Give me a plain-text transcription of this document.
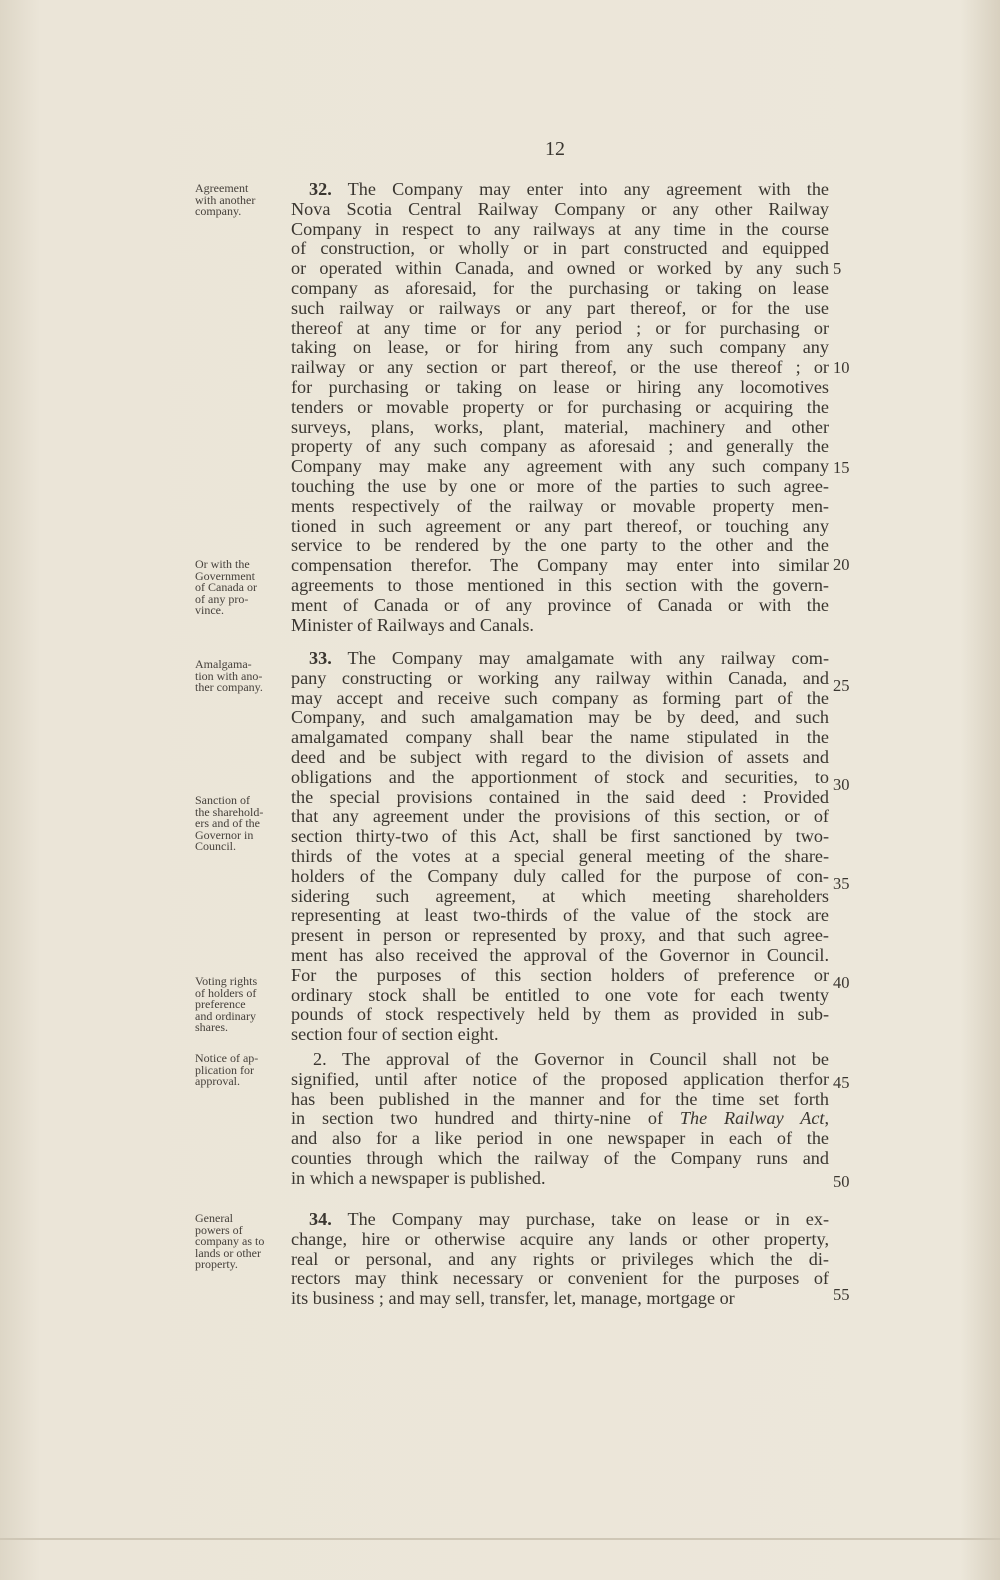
12
32. The Company may enter into any agreement with the
Nova Scotia Central Railway Company or any other Railway
Company in respect to any railways at any time in the course
of construction, or wholly or in part constructed and equipped
or operated within Canada, and owned or worked by any such
company as aforesaid, for the purchasing or taking on lease
such railway or railways or any part thereof, or for the use
thereof at any time or for any period ; or for purchasing or
taking on lease, or for hiring from any such company any
railway or any section or part thereof, or the use thereof ; or
for purchasing or taking on lease or hiring any locomotives
tenders or movable property or for purchasing or acquiring the
surveys, plans, works, plant, material, machinery and other
property of any such company as aforesaid ; and generally the
Company may make any agreement with any such company
touching the use by one or more of the parties to such agree-
ments respectively of the railway or movable property men-
tioned in such agreement or any part thereof, or touching any
service to be rendered by the one party to the other and the
compensation therefor. The Company may enter into similar
agreements to those mentioned in this section with the govern-
ment of Canada or of any province of Canada or with the
Minister of Railways and Canals.
33. The Company may amalgamate with any railway com-
pany constructing or working any railway within Canada, and
may accept and receive such company as forming part of the
Company, and such amalgamation may be by deed, and such
amalgamated company shall bear the name stipulated in the
deed and be subject with regard to the division of assets and
obligations and the apportionment of stock and securities, to
the special provisions contained in the said deed : Provided
that any agreement under the provisions of this section, or of
section thirty-two of this Act, shall be first sanctioned by two-
thirds of the votes at a special general meeting of the share-
holders of the Company duly called for the purpose of con-
sidering such agreement, at which meeting shareholders
representing at least two-thirds of the value of the stock are
present in person or represented by proxy, and that such agree-
ment has also received the approval of the Governor in Council.
For the purposes of this section holders of preference or
ordinary stock shall be entitled to one vote for each twenty
pounds of stock respectively held by them as provided in sub-
section four of section eight.
2. The approval of the Governor in Council shall not be
signified, until after notice of the proposed application therfor
has been published in the manner and for the time set forth
in section two hundred and thirty-nine of The Railway Act,
and also for a like period in one newspaper in each of the
counties through which the railway of the Company runs and
in which a newspaper is published.
34. The Company may purchase, take on lease or in ex-
change, hire or otherwise acquire any lands or other property,
real or personal, and any rights or privileges which the di-
rectors may think necessary or convenient for the purposes of
its business ; and may sell, transfer, let, manage, mortgage or
5
10
15
20
25
30
35
40
45
50
55
Agreement
with another
company.
Or with the
Government
of Canada or
of any pro-
vince.
Amalgama-
tion with ano-
ther company.
Sanction of
the sharehold-
ers and of the
Governor in
Council.
Voting rights
of holders of
preference
and ordinary
shares.
Notice of ap-
plication for
approval.
General
powers of
company as to
lands or other
property.
